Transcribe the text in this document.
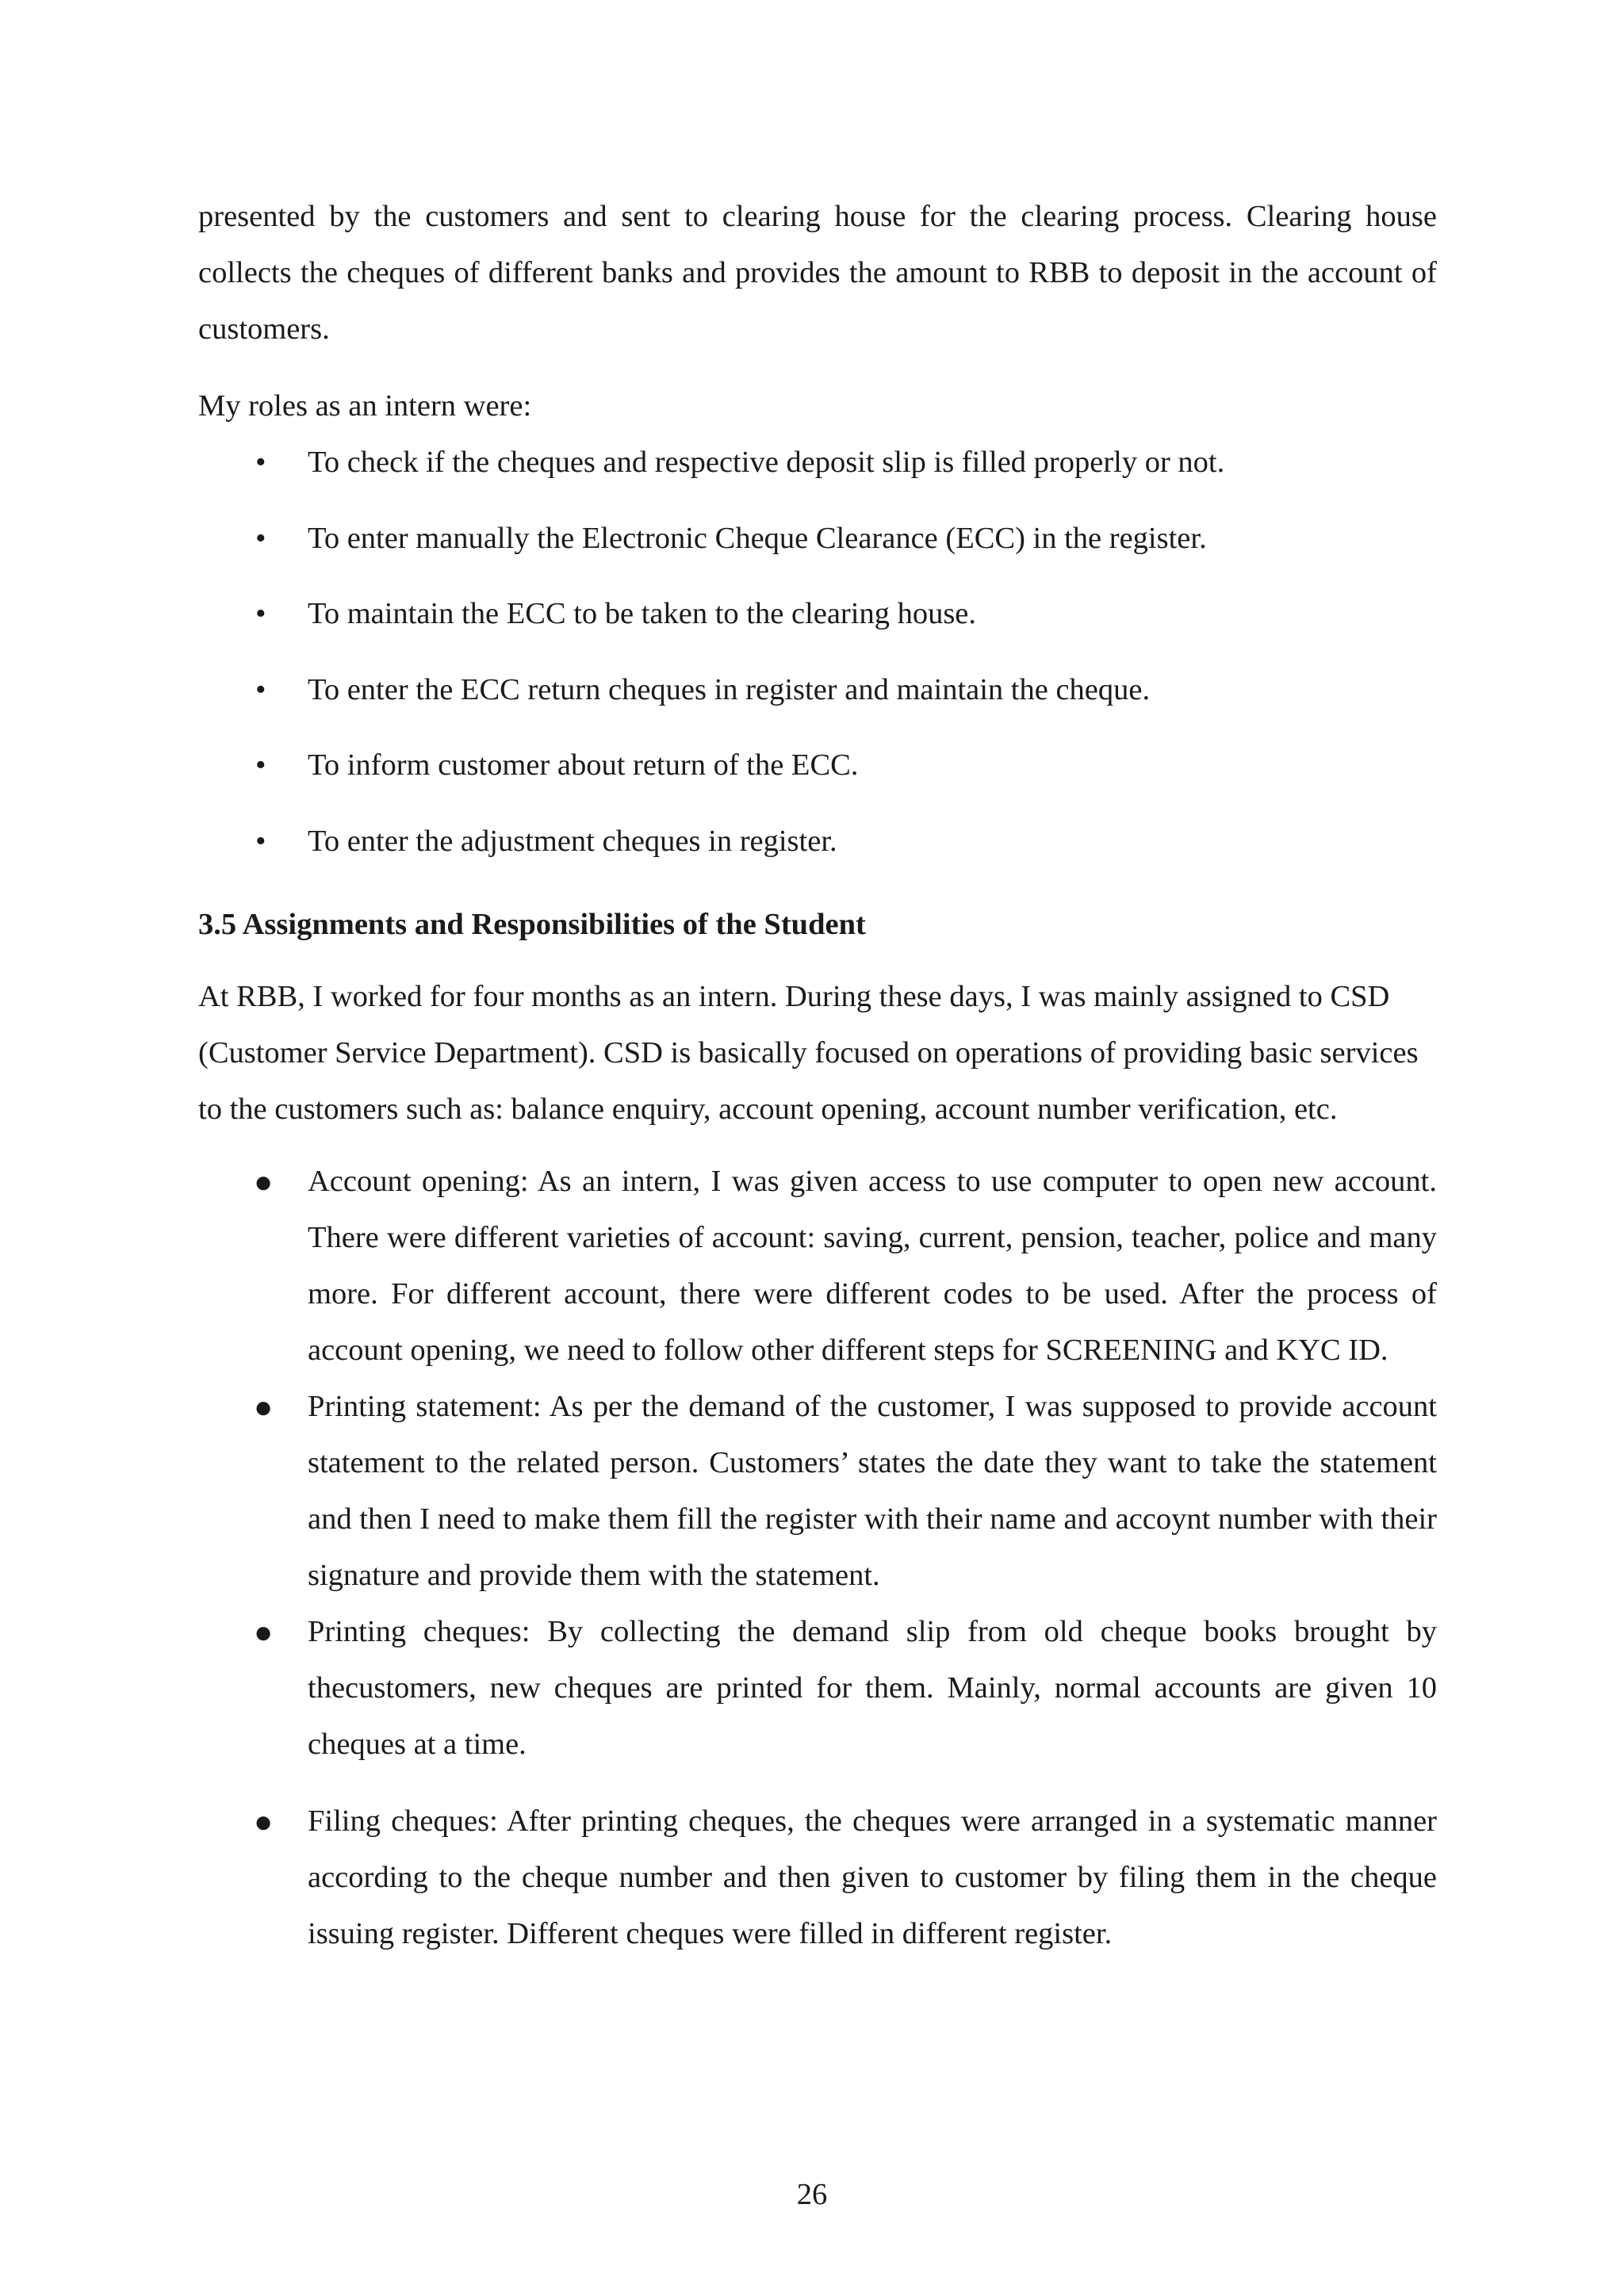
presented by the customers and sent to clearing house for the clearing process. Clearing house collects the cheques of different banks and provides the amount to RBB to deposit in the account of customers.

My roles as an intern were:

• To check if the cheques and respective deposit slip is filled properly or not.
• To enter manually the Electronic Cheque Clearance (ECC) in the register.
• To maintain the ECC to be taken to the clearing house.
• To enter the ECC return cheques in register and maintain the cheque.
• To inform customer about return of the ECC.
• To enter the adjustment cheques in register.

3.5 Assignments and Responsibilities of the Student

At RBB, I worked for four months as an intern. During these days, I was mainly assigned to CSD (Customer Service Department). CSD is basically focused on operations of providing basic services to the customers such as: balance enquiry, account opening, account number verification, etc.

● Account opening: As an intern, I was given access to use computer to open new account. There were different varieties of account: saving, current, pension, teacher, police and many more. For different account, there were different codes to be used. After the process of account opening, we need to follow other different steps for SCREENING and KYC ID.

● Printing statement: As per the demand of the customer, I was supposed to provide account statement to the related person. Customers’ states the date they want to take the statement and then I need to make them fill the register with their name and accoynt number with their signature and provide them with the statement.

● Printing cheques: By collecting the demand slip from old cheque books brought by thecustomers, new cheques are printed for them. Mainly, normal accounts are given 10 cheques at a time.

● Filing cheques: After printing cheques, the cheques were arranged in a systematic manner according to the cheque number and then given to customer by filing them in the cheque issuing register. Different cheques were filled in different register.

26
